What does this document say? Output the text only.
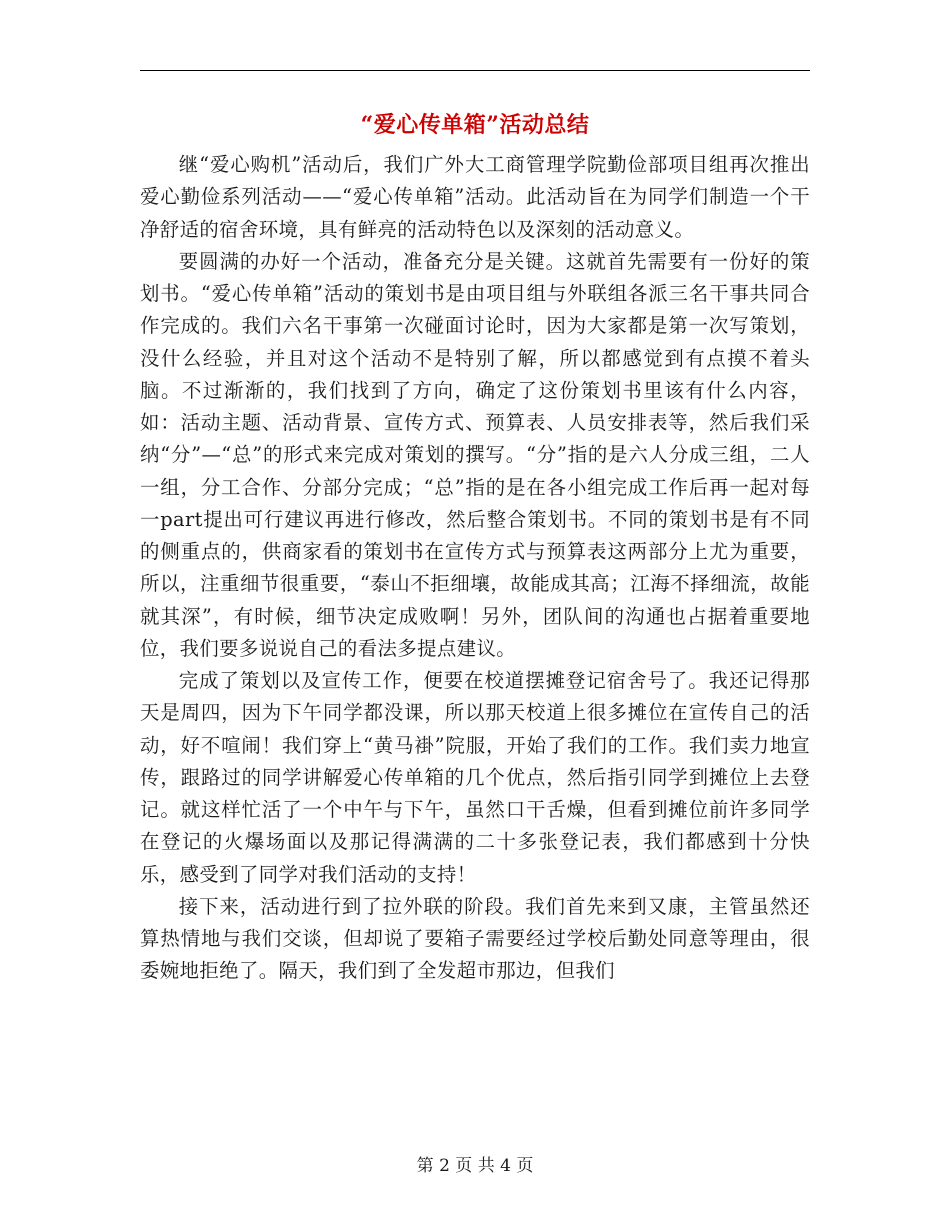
“爱心传单箱”活动总结

继“爱心购机”活动后，我们广外大工商管理学院勤俭部项目组再次推出爱心勤俭系列活动——“爱心传单箱”活动。此活动旨在为同学们制造一个干净舒适的宿舍环境，具有鲜亮的活动特色以及深刻的活动意义。

要圆满的办好一个活动，准备充分是关键。这就首先需要有一份好的策划书。“爱心传单箱”活动的策划书是由项目组与外联组各派三名干事共同合作完成的。我们六名干事第一次碰面讨论时，因为大家都是第一次写策划，没什么经验，并且对这个活动不是特别了解，所以都感觉到有点摸不着头脑。不过渐渐的，我们找到了方向，确定了这份策划书里该有什么内容，如：活动主题、活动背景、宣传方式、预算表、人员安排表等，然后我们采纳“分”—“总”的形式来完成对策划的撰写。“分”指的是六人分成三组，二人一组，分工合作、分部分完成；“总”指的是在各小组完成工作后再一起对每一part提出可行建议再进行修改，然后整合策划书。不同的策划书是有不同的侧重点的，供商家看的策划书在宣传方式与预算表这两部分上尤为重要，所以，注重细节很重要，“泰山不拒细壤，故能成其高；江海不择细流，故能就其深”，有时候，细节决定成败啊！另外，团队间的沟通也占据着重要地位，我们要多说说自己的看法多提点建议。

完成了策划以及宣传工作，便要在校道摆摊登记宿舍号了。我还记得那天是周四，因为下午同学都没课，所以那天校道上很多摊位在宣传自己的活动，好不喧闹！我们穿上“黄马褂”院服，开始了我们的工作。我们卖力地宣传，跟路过的同学讲解爱心传单箱的几个优点，然后指引同学到摊位上去登记。就这样忙活了一个中午与下午，虽然口干舌燥，但看到摊位前许多同学在登记的火爆场面以及那记得满满的二十多张登记表，我们都感到十分快乐，感受到了同学对我们活动的支持！

接下来，活动进行到了拉外联的阶段。我们首先来到又康，主管虽然还算热情地与我们交谈，但却说了要箱子需要经过学校后勤处同意等理由，很委婉地拒绝了。隔天，我们到了全发超市那边，但我们

第 2 页 共 4 页
